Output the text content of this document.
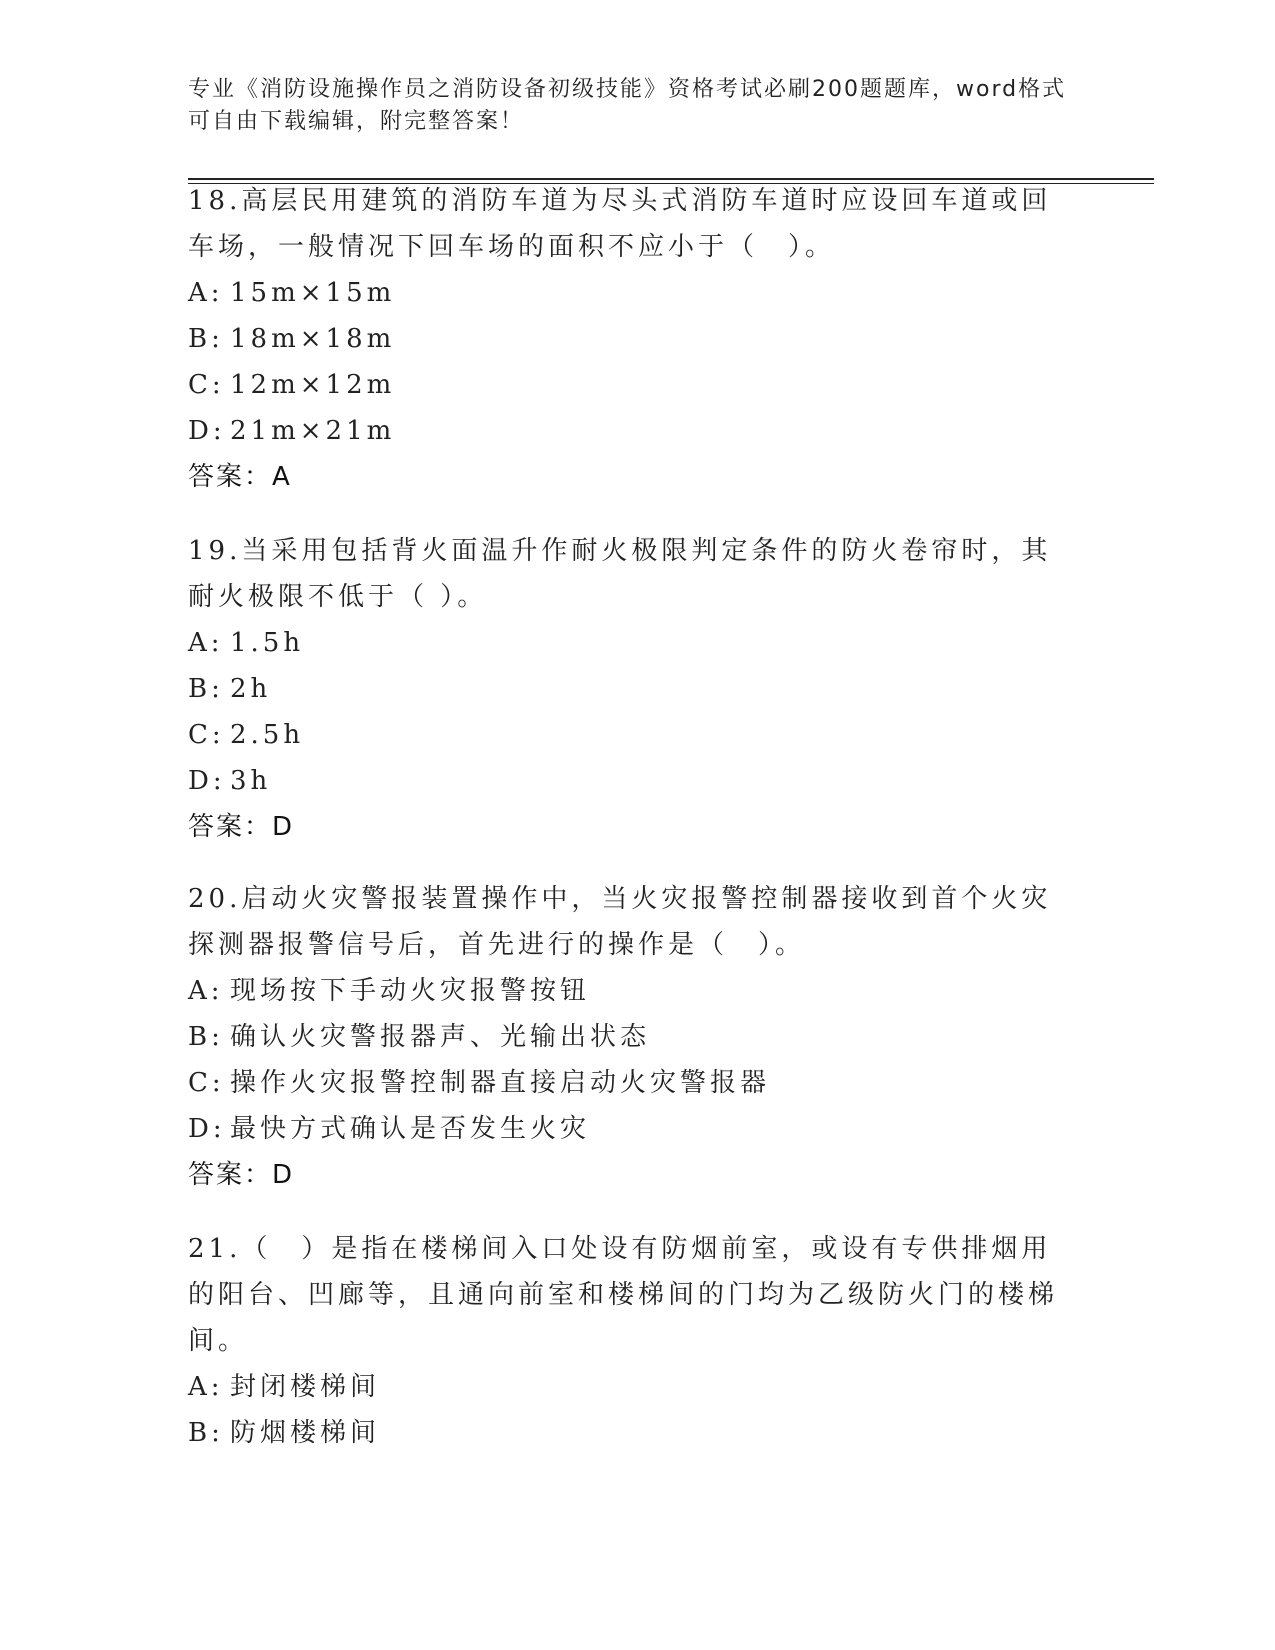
专业《消防设施操作员之消防设备初级技能》资格考试必刷200题题库，word格式可自由下载编辑，附完整答案！
18.高层民用建筑的消防车道为尽头式消防车道时应设回车道或回车场，一般情况下回车场的面积不应小于（　）。
A: 15m×15m
B: 18m×18m
C: 12m×12m
D: 21m×21m
答案：A
19.当采用包括背火面温升作耐火极限判定条件的防火卷帘时，其耐火极限不低于（ ）。
A: 1.5h
B: 2h
C: 2.5h
D: 3h
答案：D
20.启动火灾警报装置操作中，当火灾报警控制器接收到首个火灾探测器报警信号后，首先进行的操作是（　）。
A: 现场按下手动火灾报警按钮
B: 确认火灾警报器声、光输出状态
C: 操作火灾报警控制器直接启动火灾警报器
D: 最快方式确认是否发生火灾
答案：D
21.（　）是指在楼梯间入口处设有防烟前室，或设有专供排烟用的阳台、凹廊等，且通向前室和楼梯间的门均为乙级防火门的楼梯间。
A: 封闭楼梯间
B: 防烟楼梯间
